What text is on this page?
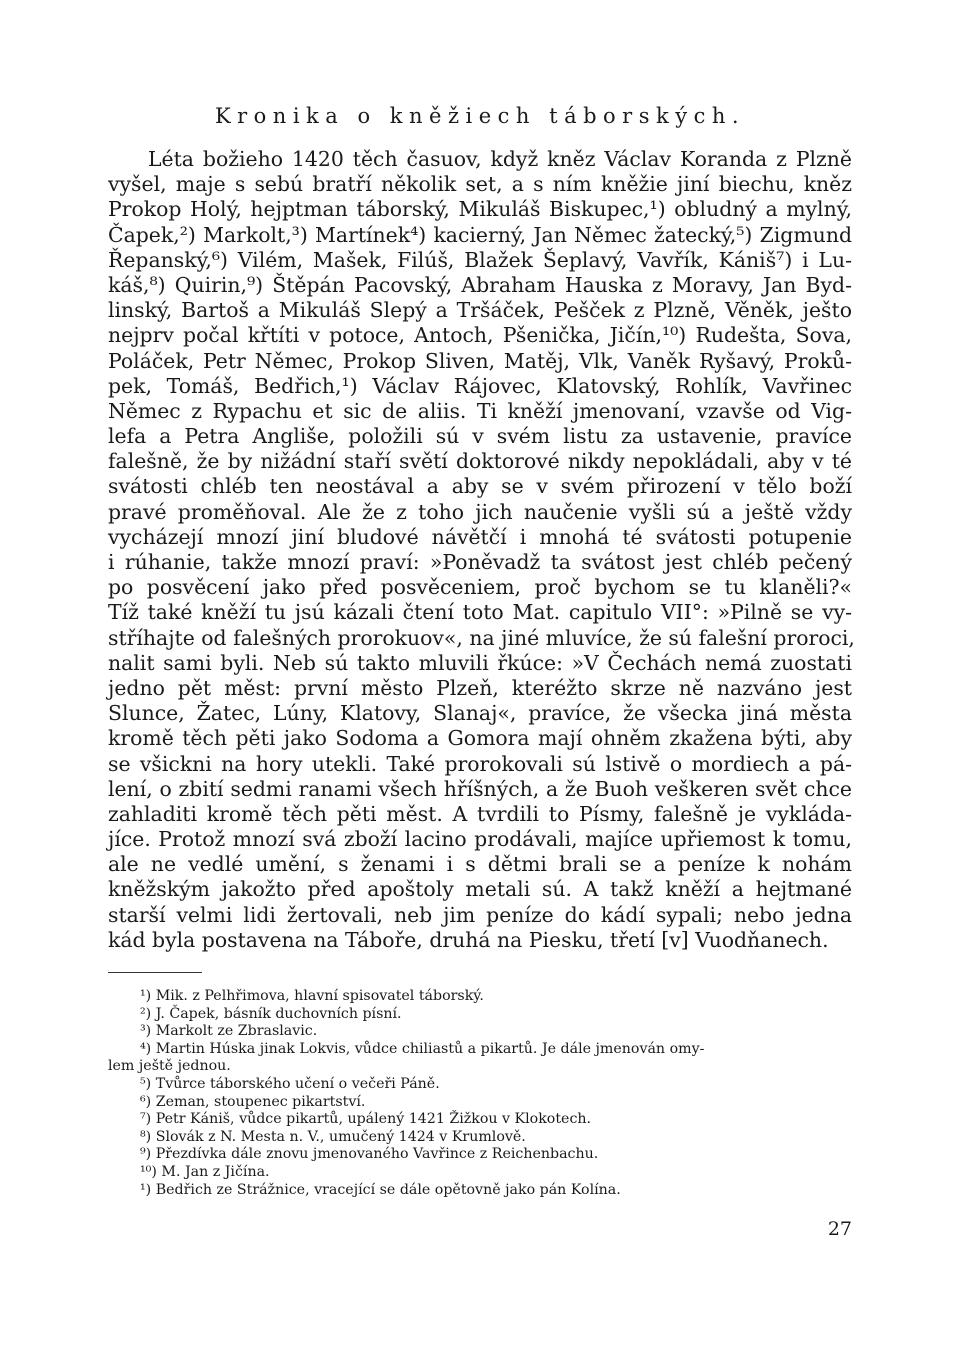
Kronika o kněžiech táborských.
Léta božieho 1420 těch časuov, když kněz Václav Koranda z Plzně
vyšel, maje s sebú bratří několik set, a s ním kněžie jiní biechu, kněz
Prokop Holý, hejptman táborský, Mikuláš Biskupec,¹) obludný a mylný,
Čapek,²) Markolt,³) Martínek⁴) kacierný, Jan Němec žatecký,⁵) Zigmund
Řepanský,⁶) Vilém, Mašek, Filúš, Blažek Šeplavý, Vavřík, Kániš⁷) i Lu-
káš,⁸) Quirin,⁹) Štěpán Pacovský, Abraham Hauska z Moravy, Jan Byd-
linský, Bartoš a Mikuláš Slepý a Tršáček, Pešček z Plzně, Věněk, ješto
nejprv počal křtíti v potoce, Antoch, Pšenička, Jičín,¹⁰) Rudešta, Sova,
Poláček, Petr Němec, Prokop Sliven, Matěj, Vlk, Vaněk Ryšavý, Proků-
pek, Tomáš, Bedřich,¹) Václav Rájovec, Klatovský, Rohlík, Vavřinec
Němec z Rypachu et sic de aliis. Ti kněží jmenovaní, vzavše od Vig-
lefa a Petra Angliše, položili sú v svém listu za ustavenie, pravíce
falešně, že by nižádní staří světí doktorové nikdy nepokládali, aby v té
svátosti chléb ten neostával a aby se v svém přirození v tělo boží
pravé proměňoval. Ale že z toho jich naučenie vyšli sú a ještě vždy
vycházejí mnozí jiní bludové návětčí i mnohá té svátosti potupenie
i rúhanie, takže mnozí praví: »Poněvadž ta svátost jest chléb pečený
po posvěcení jako před posvěceniem, proč bychom se tu klaněli?«
Tíž také kněží tu jsú kázali čtení toto Mat. capitulo VII°: »Pilně se vy-
stříhajte od falešných prorokuov«, na jiné mluvíce, že sú falešní proroci,
nalit sami byli. Neb sú takto mluvili řkúce: »V Čechách nemá zuostati
jedno pět měst: první město Plzeň, kteréžto skrze ně nazváno jest
Slunce, Žatec, Lúny, Klatovy, Slanaj«, pravíce, že všecka jiná města
kromě těch pěti jako Sodoma a Gomora mají ohněm zkažena býti, aby
se všickni na hory utekli. Také prorokovali sú lstivě o mordiech a pá-
lení, o zbití sedmi ranami všech hříšných, a že Buoh veškeren svět chce
zahladiti kromě těch pěti měst. A tvrdili to Písmy, falešně je vykláda-
jíce. Protož mnozí svá zboží lacino prodávali, majíce upřiemost k tomu,
ale ne vedlé umění, s ženami i s dětmi brali se a peníze k nohám
kněžským jakožto před apoštoly metali sú. A takž kněží a hejtmané
starší velmi lidi žertovali, neb jim peníze do kádí sypali; nebo jedna
kád byla postavena na Táboře, druhá na Piesku, třetí [v] Vuodňanech.
¹) Mik. z Pelhřimova, hlavní spisovatel táborský.
²) J. Čapek, básník duchovních písní.
³) Markolt ze Zbraslavic.
⁴) Martin Húska jinak Lokvis, vůdce chiliastů a pikartů. Je dále jmenován omy-
lem ještě jednou.
⁵) Tvůrce táborského učení o večeři Páně.
⁶) Zeman, stoupenec pikartství.
⁷) Petr Kániš, vůdce pikartů, upálený 1421 Žižkou v Klokotech.
⁸) Slovák z N. Mesta n. V., umučený 1424 v Krumlově.
⁹) Přezdívka dále znovu jmenovaného Vavřince z Reichenbachu.
¹⁰) M. Jan z Jičína.
¹) Bedřich ze Strážnice, vracející se dále opětovně jako pán Kolína.
27
